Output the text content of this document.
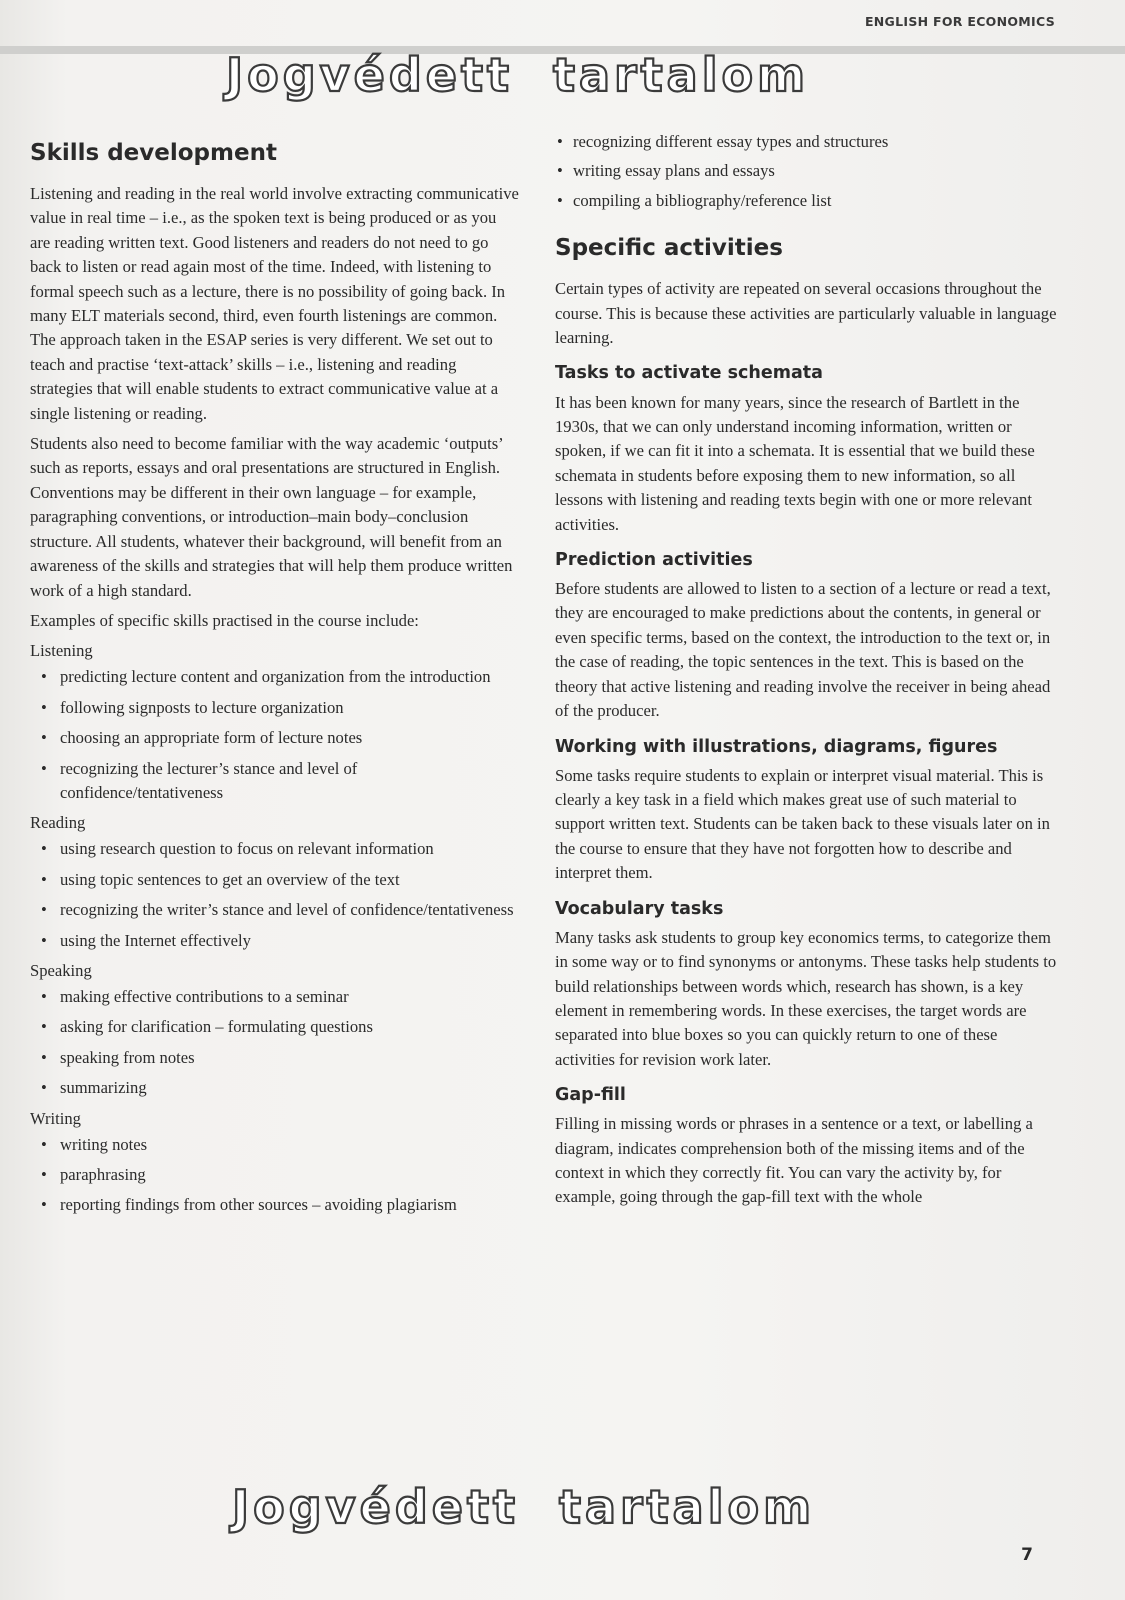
ENGLISH FOR ECONOMICS
Jogvédett  tartalom
Skills development

Listening and reading in the real world involve extracting communicative value in real time – i.e., as the spoken text is being produced or as you are reading written text. Good listeners and readers do not need to go back to listen or read again most of the time. Indeed, with listening to formal speech such as a lecture, there is no possibility of going back. In many ELT materials second, third, even fourth listenings are common. The approach taken in the ESAP series is very different. We set out to teach and practise ‘text-attack’ skills – i.e., listening and reading strategies that will enable students to extract communicative value at a single listening or reading.

Students also need to become familiar with the way academic ‘outputs’ such as reports, essays and oral presentations are structured in English. Conventions may be different in their own language – for example, paragraphing conventions, or introduction–main body–conclusion structure. All students, whatever their background, will benefit from an awareness of the skills and strategies that will help them produce written work of a high standard.

Examples of specific skills practised in the course include:

Listening
• predicting lecture content and organization from the introduction
• following signposts to lecture organization
• choosing an appropriate form of lecture notes
• recognizing the lecturer’s stance and level of confidence/tentativeness
Reading
• using research question to focus on relevant information
• using topic sentences to get an overview of the text
• recognizing the writer’s stance and level of confidence/tentativeness
• using the Internet effectively
Speaking
• making effective contributions to a seminar
• asking for clarification – formulating questions
• speaking from notes
• summarizing
Writing
• writing notes
• paraphrasing
• reporting findings from other sources – avoiding plagiarism
• recognizing different essay types and structures
• writing essay plans and essays
• compiling a bibliography/reference list
Specific activities

Certain types of activity are repeated on several occasions throughout the course. This is because these activities are particularly valuable in language learning.

Tasks to activate schemata

It has been known for many years, since the research of Bartlett in the 1930s, that we can only understand incoming information, written or spoken, if we can fit it into a schemata. It is essential that we build these schemata in students before exposing them to new information, so all lessons with listening and reading texts begin with one or more relevant activities.

Prediction activities

Before students are allowed to listen to a section of a lecture or read a text, they are encouraged to make predictions about the contents, in general or even specific terms, based on the context, the introduction to the text or, in the case of reading, the topic sentences in the text. This is based on the theory that active listening and reading involve the receiver in being ahead of the producer.

Working with illustrations, diagrams, figures

Some tasks require students to explain or interpret visual material. This is clearly a key task in a field which makes great use of such material to support written text. Students can be taken back to these visuals later on in the course to ensure that they have not forgotten how to describe and interpret them.

Vocabulary tasks

Many tasks ask students to group key economics terms, to categorize them in some way or to find synonyms or antonyms. These tasks help students to build relationships between words which, research has shown, is a key element in remembering words. In these exercises, the target words are separated into blue boxes so you can quickly return to one of these activities for revision work later.

Gap-fill

Filling in missing words or phrases in a sentence or a text, or labelling a diagram, indicates comprehension both of the missing items and of the context in which they correctly fit. You can vary the activity by, for example, going through the gap-fill text with the whole

Jogvédett  tartalom
7
